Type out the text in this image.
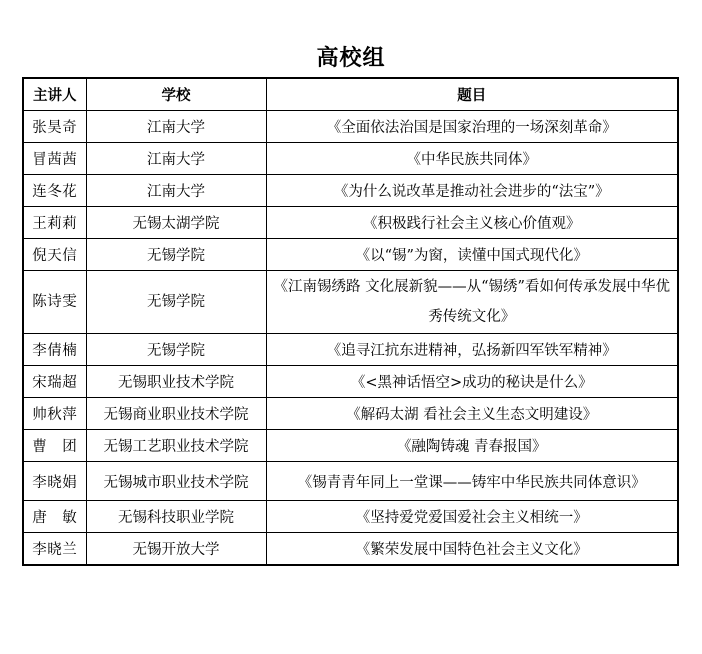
高校组
主讲人	学校	题目
张昊奇	江南大学	《全面依法治国是国家治理的一场深刻革命》
冒茜茜	江南大学	《中华民族共同体》
连冬花	江南大学	《为什么说改革是推动社会进步的“法宝”》
王莉莉	无锡太湖学院	《积极践行社会主义核心价值观》
倪天信	无锡学院	《以“锡”为窗，读懂中国式现代化》
陈诗雯	无锡学院	《江南锡绣路 文化展新貌——从“锡绣”看如何传承发展中华优秀传统文化》
李倩楠	无锡学院	《追寻江抗东进精神，弘扬新四军铁军精神》
宋瑞超	无锡职业技术学院	《<黑神话悟空>成功的秘诀是什么》
帅秋萍	无锡商业职业技术学院	《解码太湖 看社会主义生态文明建设》
曹　团	无锡工艺职业技术学院	《融陶铸魂 青春报国》
李晓娟	无锡城市职业技术学院	《锡青青年同上一堂课——铸牢中华民族共同体意识》
唐　敏	无锡科技职业学院	《坚持爱党爱国爱社会主义相统一》
李晓兰	无锡开放大学	《繁荣发展中国特色社会主义文化》
